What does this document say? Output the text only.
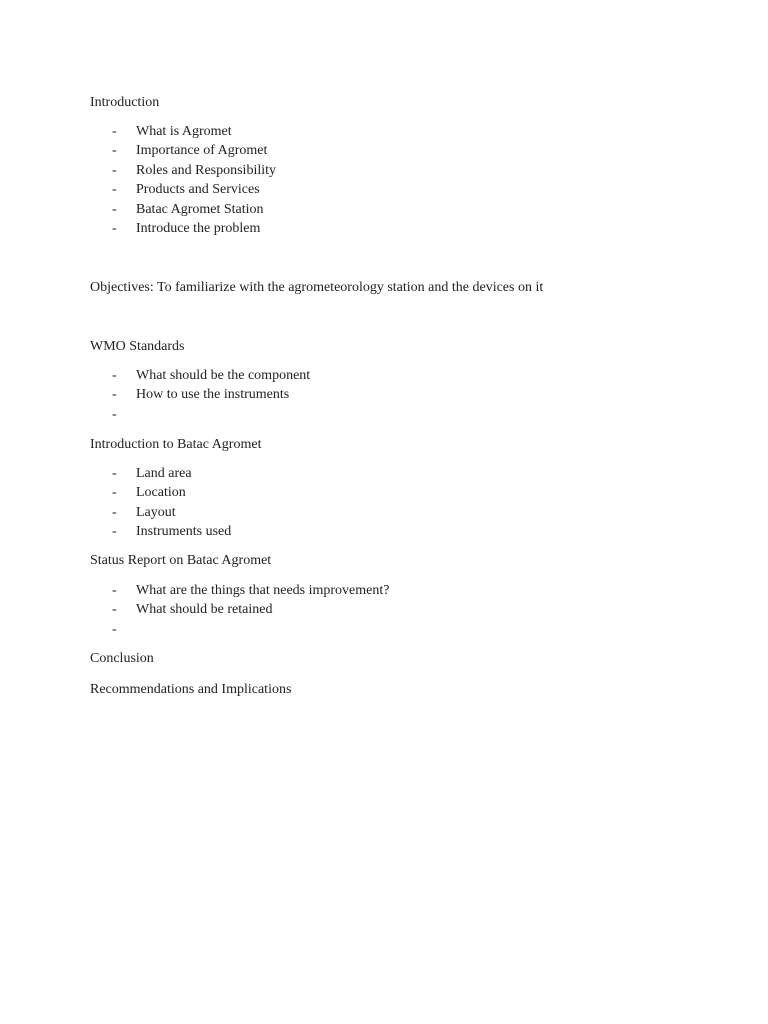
Introduction
- What is Agromet
- Importance of Agromet
- Roles and Responsibility
- Products and Services
- Batac Agromet Station
- Introduce the problem
Objectives: To familiarize with the agrometeorology station and the devices on it
WMO Standards
- What should be the component
- How to use the instruments
-
Introduction to Batac Agromet
- Land area
- Location
- Layout
- Instruments used
Status Report on Batac Agromet
- What are the things that needs improvement?
- What should be retained
-
Conclusion
Recommendations and Implications
